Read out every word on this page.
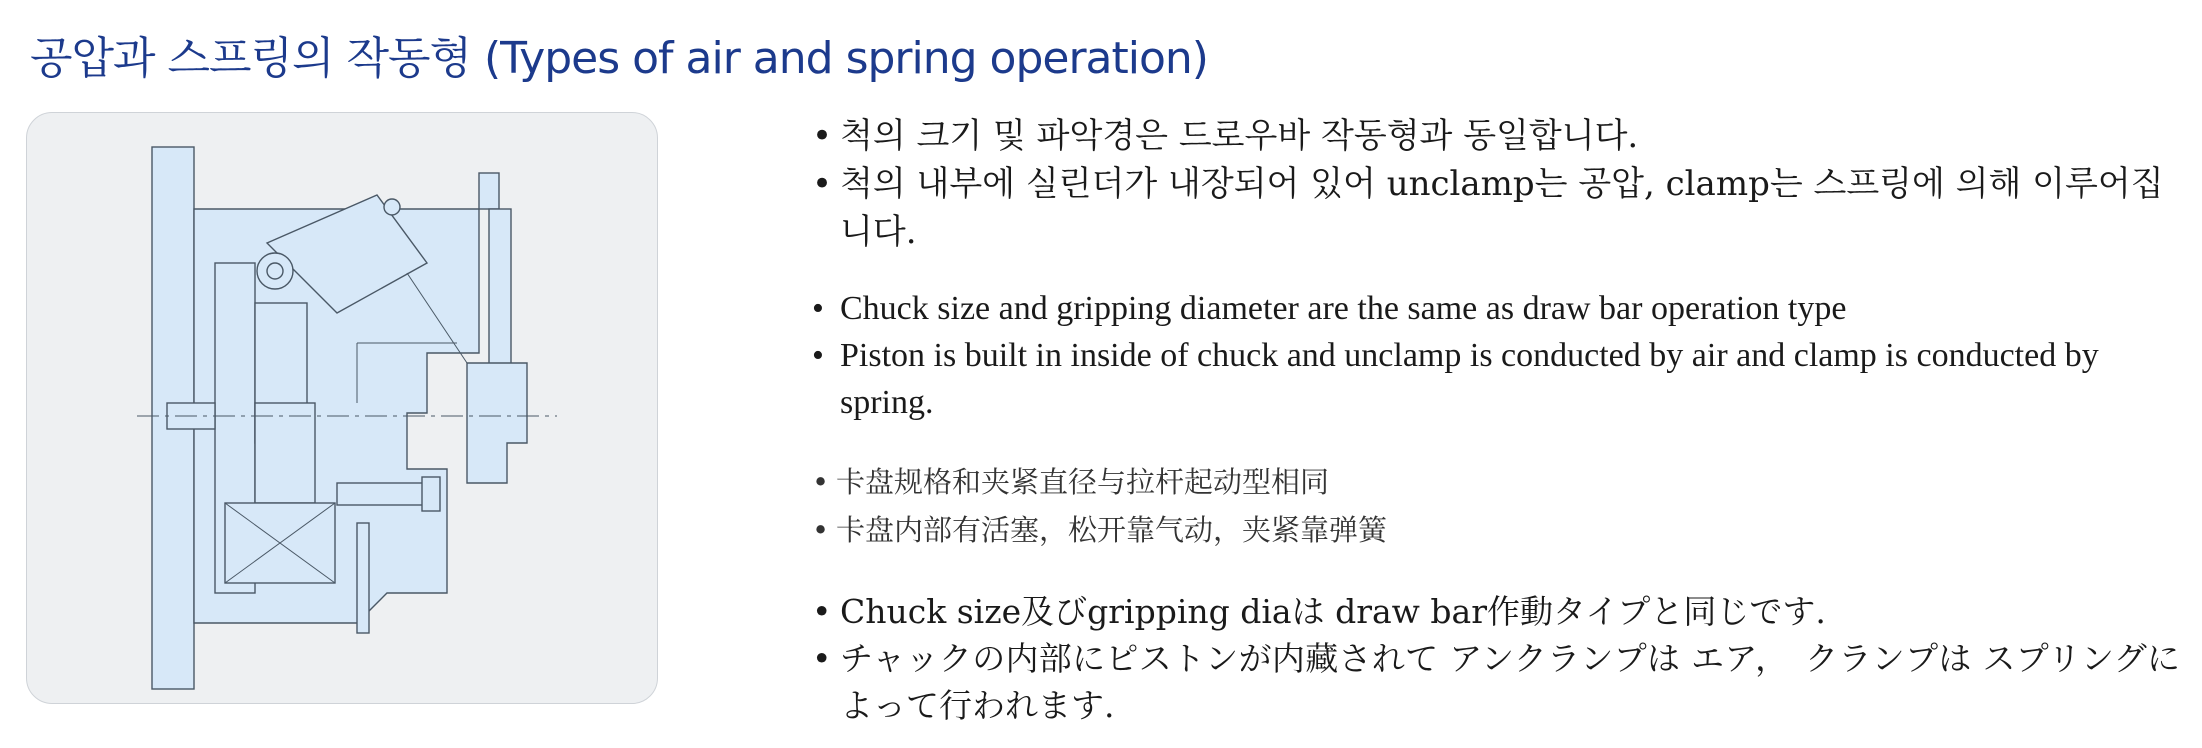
공압과 스프링의 작동형 (Types of air and spring operation)
• 척의 크기 및 파악경은 드로우바 작동형과 동일합니다.
• 척의 내부에 실린더가 내장되어 있어 unclamp는 공압, clamp는 스프링에 의해 이루어집니다.
• Chuck size and gripping diameter are the same as draw bar operation type
• Piston is built in inside of chuck and unclamp is conducted by air and clamp is conducted by spring.
• 卡盘规格和夹紧直径与拉杆起动型相同
• 卡盘内部有活塞，松开靠气动，夹紧靠弹簧
• Chuck size及びgripping diaは draw bar作動タイプと同じです.
• チャックの内部にピストンが内藏されて アンクランプは エア，　クランプは スプリングによって行われます.
